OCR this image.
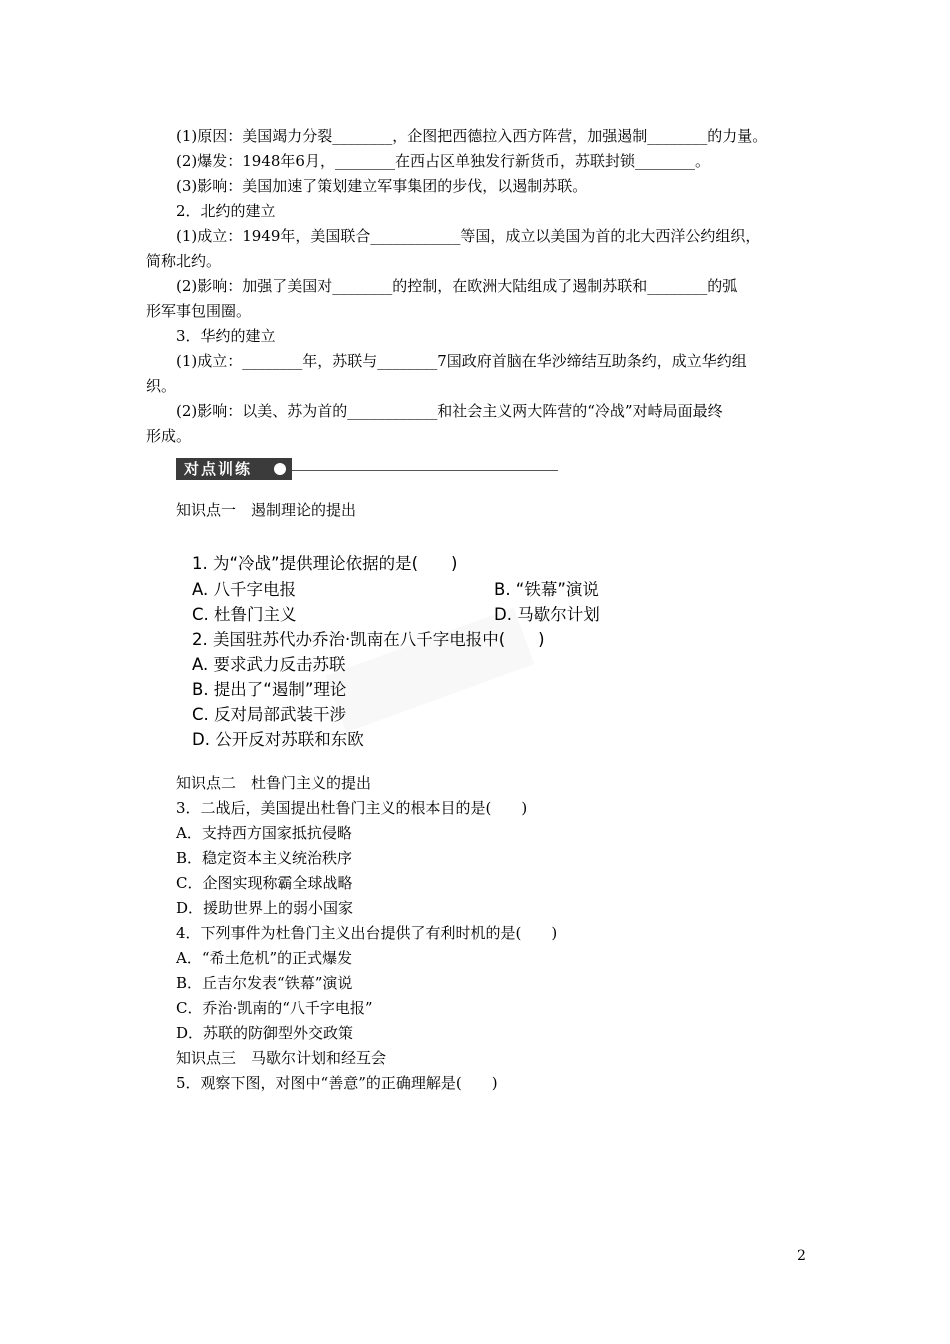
(1)原因：美国竭力分裂________，企图把西德拉入西方阵营，加强遏制________的力量。
(2)爆发：1948年6月，________在西占区单独发行新货币，苏联封锁________。
(3)影响：美国加速了策划建立军事集团的步伐，以遏制苏联。
2．北约的建立
(1)成立：1949年，美国联合____________等国，成立以美国为首的北大西洋公约组织，
简称北约。
(2)影响：加强了美国对________的控制，在欧洲大陆组成了遏制苏联和________的弧
形军事包围圈。
3．华约的建立
(1)成立：________年，苏联与________7国政府首脑在华沙缔结互助条约，成立华约组
织。
(2)影响：以美、苏为首的____________和社会主义两大阵营的“冷战”对峙局面最终
形成。
对点训练
知识点一　遏制理论的提出
1. 为“冷战”提供理论依据的是(　　)
A. 八千字电报	B. “铁幕”演说
C. 杜鲁门主义	D. 马歇尔计划
2. 美国驻苏代办乔治·凯南在八千字电报中(　　)
A. 要求武力反击苏联
B. 提出了“遏制”理论
C. 反对局部武装干涉
D. 公开反对苏联和东欧
知识点二　杜鲁门主义的提出
3．二战后，美国提出杜鲁门主义的根本目的是(　　)
A．支持西方国家抵抗侵略
B．稳定资本主义统治秩序
C．企图实现称霸全球战略
D．援助世界上的弱小国家
4．下列事件为杜鲁门主义出台提供了有利时机的是(　　)
A．“希土危机”的正式爆发
B．丘吉尔发表“铁幕”演说
C．乔治·凯南的“八千字电报”
D．苏联的防御型外交政策
知识点三　马歇尔计划和经互会
5．观察下图，对图中“善意”的正确理解是(　　)
2
